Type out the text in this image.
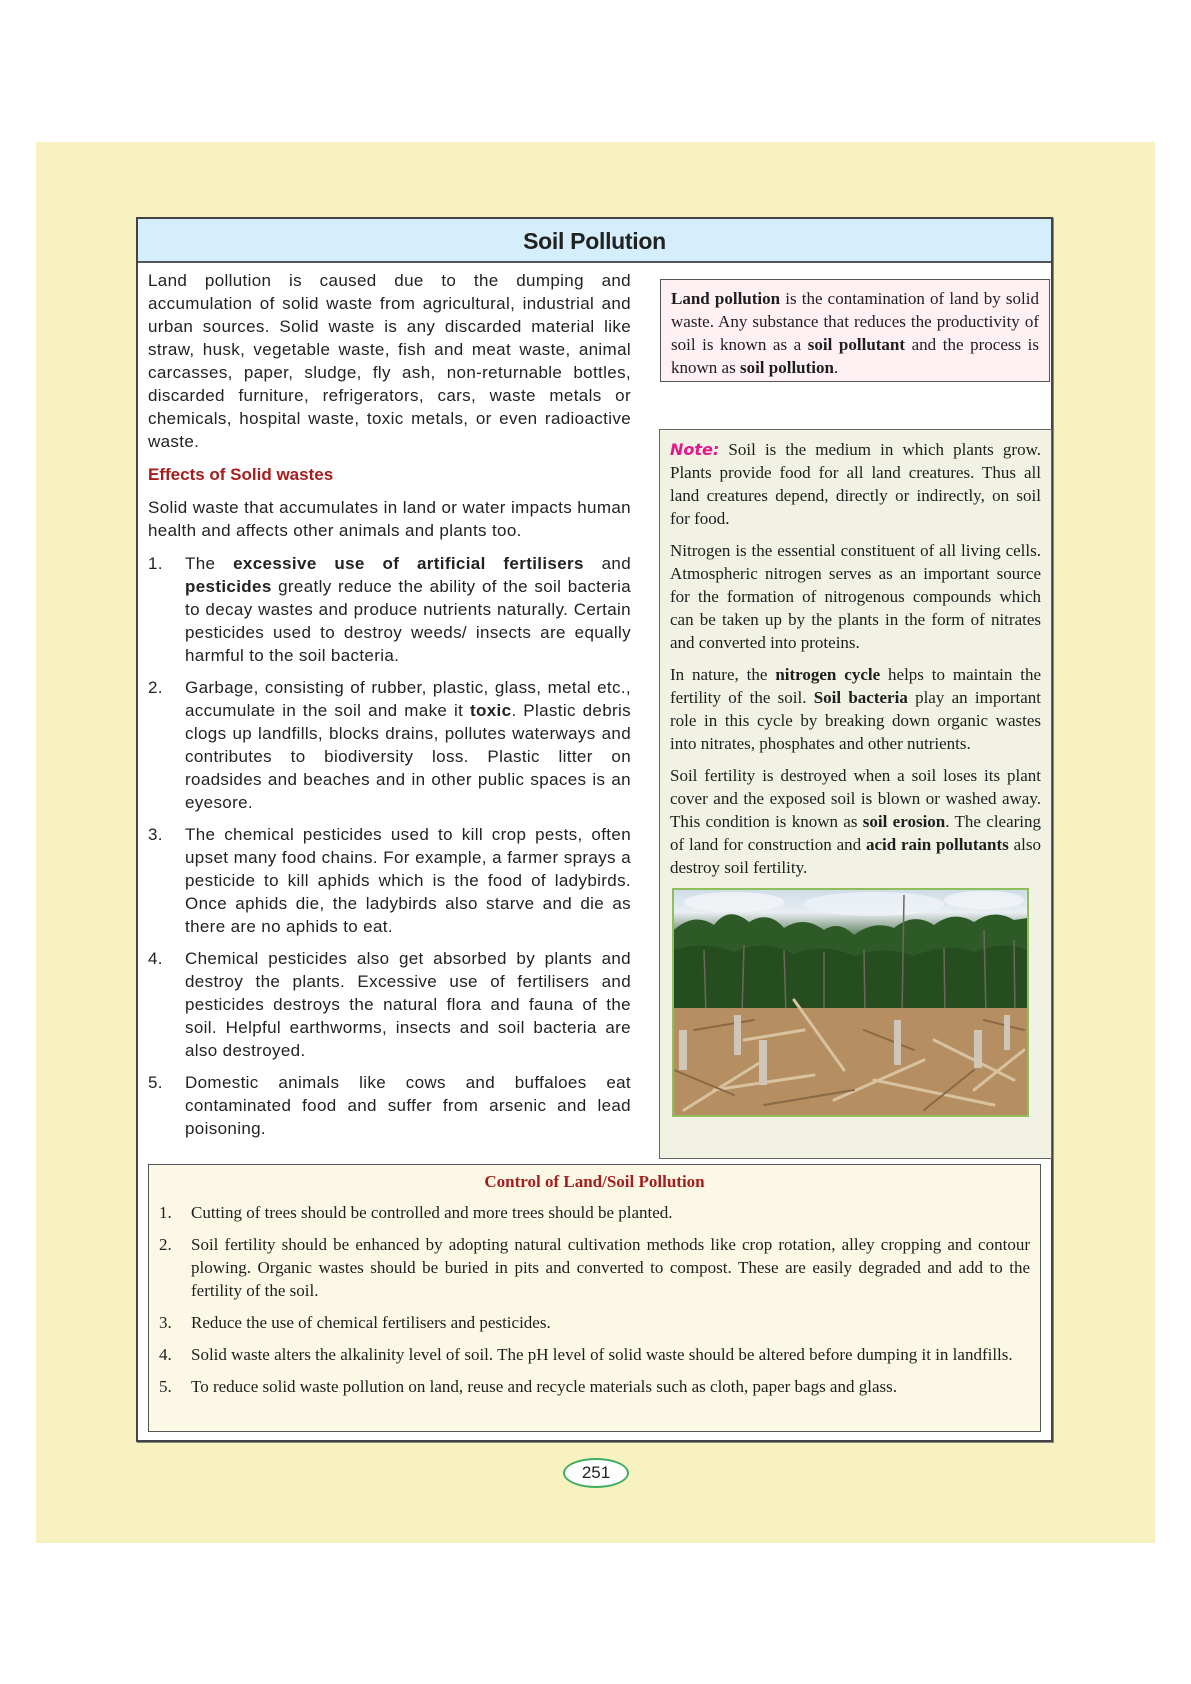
Soil Pollution

Land pollution is caused due to the dumping and accumulation of solid waste from agricultural, industrial and urban sources. Solid waste is any discarded material like straw, husk, vegetable waste, fish and meat waste, animal carcasses, paper, sludge, fly ash, non-returnable bottles, discarded furniture, refrigerators, cars, waste metals or chemicals, hospital waste, toxic metals, or even radioactive waste.

Effects of Solid wastes

Solid waste that accumulates in land or water impacts human health and affects other animals and plants too.

1. The excessive use of artificial fertilisers and pesticides greatly reduce the ability of the soil bacteria to decay wastes and produce nutrients naturally. Certain pesticides used to destroy weeds/ insects are equally harmful to the soil bacteria.
2. Garbage, consisting of rubber, plastic, glass, metal etc., accumulate in the soil and make it toxic. Plastic debris clogs up landfills, blocks drains, pollutes waterways and contributes to biodiversity loss. Plastic litter on roadsides and beaches and in other public spaces is an eyesore.
3. The chemical pesticides used to kill crop pests, often upset many food chains. For example, a farmer sprays a pesticide to kill aphids which is the food of ladybirds. Once aphids die, the ladybirds also starve and die as there are no aphids to eat.
4. Chemical pesticides also get absorbed by plants and destroy the plants. Excessive use of fertilisers and pesticides destroys the natural flora and fauna of the soil. Helpful earthworms, insects and soil bacteria are also destroyed.
5. Domestic animals like cows and buffaloes eat contaminated food and suffer from arsenic and lead poisoning.

Land pollution is the contamination of land by solid waste. Any substance that reduces the productivity of soil is known as a soil pollutant and the process is known as soil pollution.

Note: Soil is the medium in which plants grow. Plants provide food for all land creatures. Thus all land creatures depend, directly or indirectly, on soil for food.

Nitrogen is the essential constituent of all living cells. Atmospheric nitrogen serves as an important source for the formation of nitrogenous compounds which can be taken up by the plants in the form of nitrates and converted into proteins.

In nature, the nitrogen cycle helps to maintain the fertility of the soil. Soil bacteria play an important role in this cycle by breaking down organic wastes into nitrates, phosphates and other nutrients.

Soil fertility is destroyed when a soil loses its plant cover and the exposed soil is blown or washed away. This condition is known as soil erosion. The clearing of land for construction and acid rain pollutants also destroy soil fertility.

Control of Land/Soil Pollution
1. Cutting of trees should be controlled and more trees should be planted.
2. Soil fertility should be enhanced by adopting natural cultivation methods like crop rotation, alley cropping and contour plowing. Organic wastes should be buried in pits and converted to compost. These are easily degraded and add to the fertility of the soil.
3. Reduce the use of chemical fertilisers and pesticides.
4. Solid waste alters the alkalinity level of soil. The pH level of solid waste should be altered before dumping it in landfills.
5. To reduce solid waste pollution on land, reuse and recycle materials such as cloth, paper bags and glass.
251
